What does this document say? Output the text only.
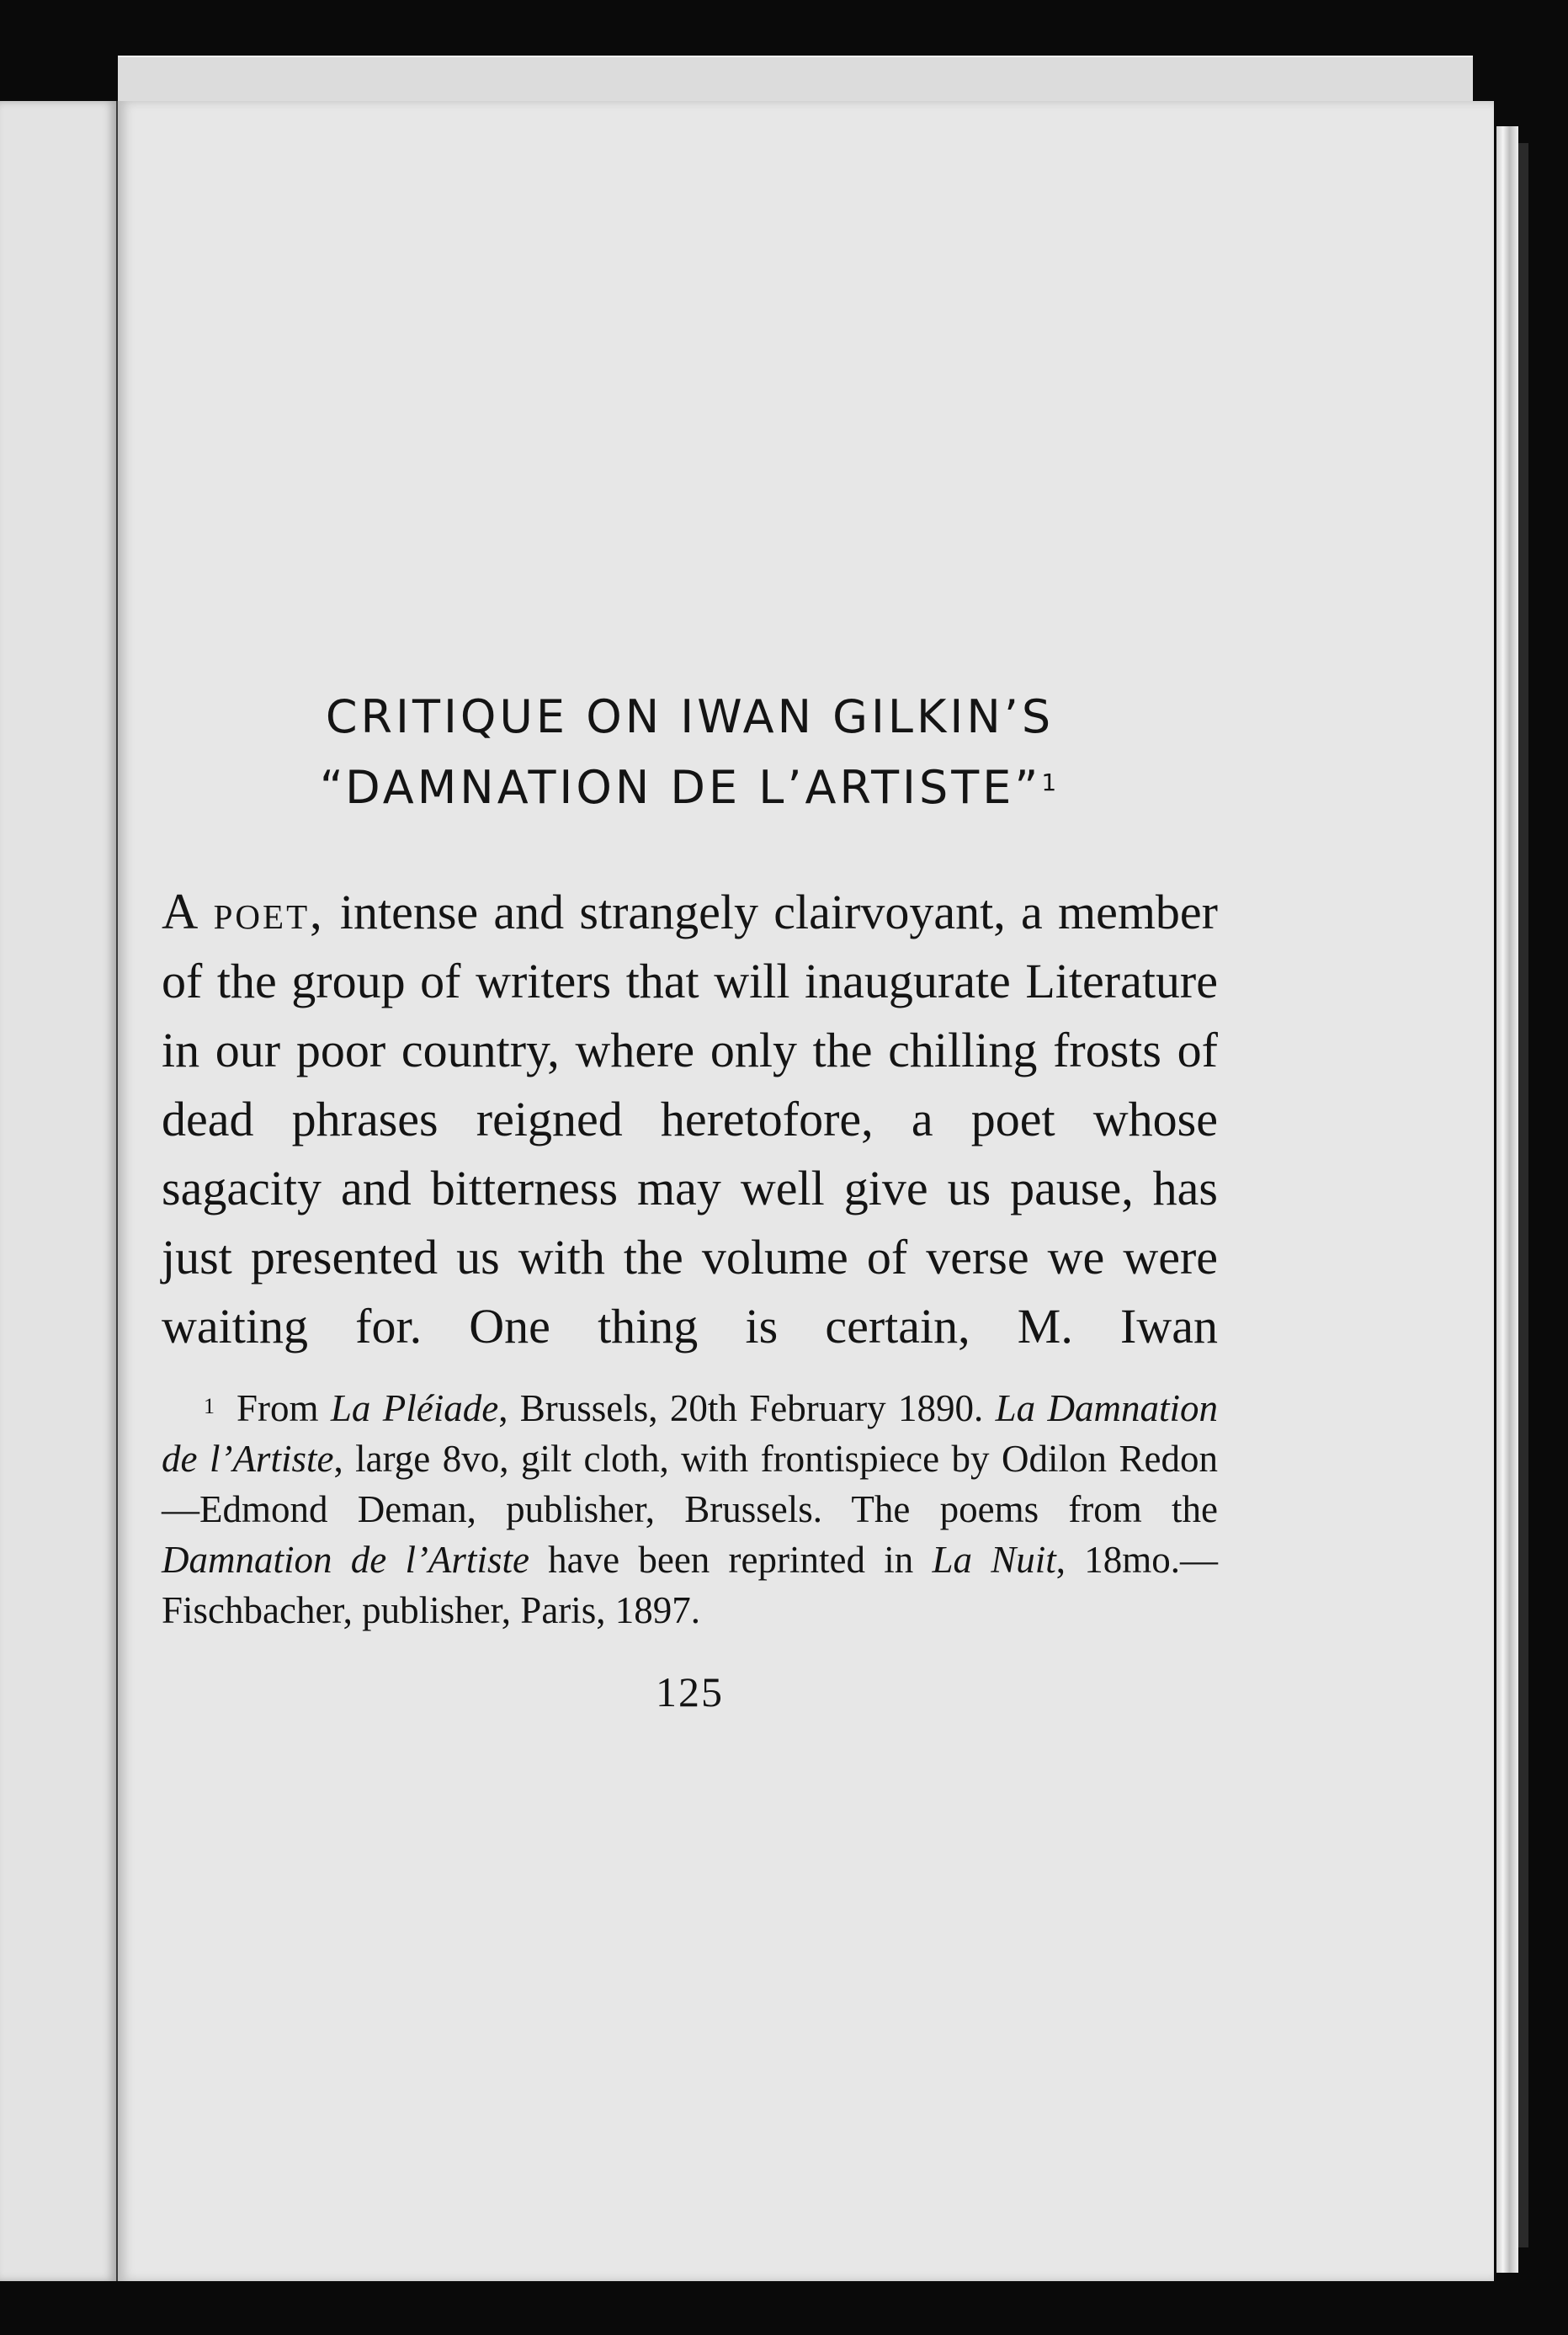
CRITIQUE ON IWAN GILKIN’S
“DAMNATION DE L’ARTISTE”$^1$

A poet, intense and strangely clairvoyant, a member of the group of writers that will inaugurate Literature in our poor country, where only the chilling frosts of dead phrases reigned heretofore, a poet whose sagacity and bitterness may well give us pause, has just presented us with the volume of verse we were waiting for. One thing is certain, M. Iwan

$^1$ From La Pléiade, Brussels, 20th February 1890. La Damnation de l’Artiste, large 8vo, gilt cloth, with frontispiece by Odilon Redon—Edmond Deman, publisher, Brussels. The poems from the Damnation de l’Artiste have been reprinted in La Nuit, 18mo.—Fischbacher, publisher, Paris, 1897.

125
